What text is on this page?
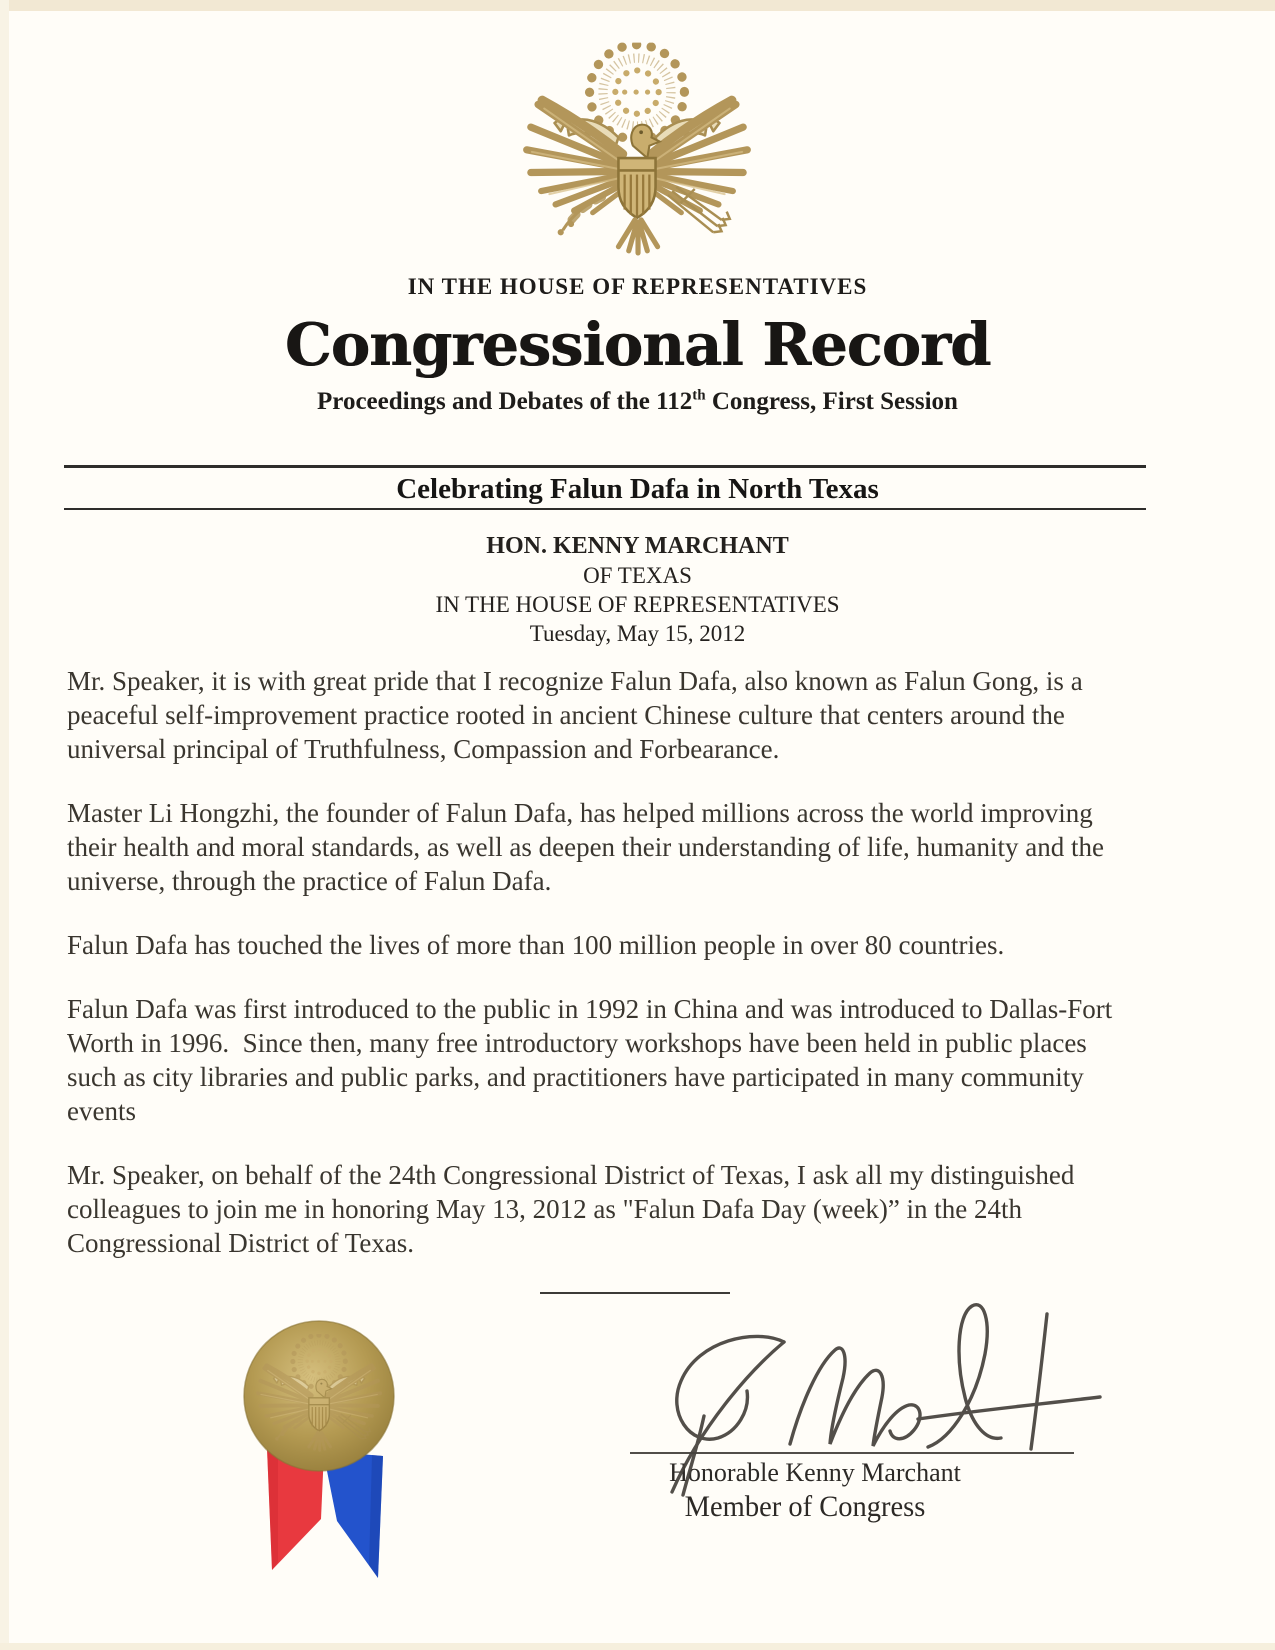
IN THE HOUSE OF REPRESENTATIVES
Congressional Record
Proceedings and Debates of the 112th Congress, First Session
Celebrating Falun Dafa in North Texas
HON. KENNY MARCHANT
OF TEXAS
IN THE HOUSE OF REPRESENTATIVES
Tuesday, May 15, 2012

Mr. Speaker, it is with great pride that I recognize Falun Dafa, also known as Falun Gong, is a peaceful self-improvement practice rooted in ancient Chinese culture that centers around the universal principal of Truthfulness, Compassion and Forbearance.

Master Li Hongzhi, the founder of Falun Dafa, has helped millions across the world improving their health and moral standards, as well as deepen their understanding of life, humanity and the universe, through the practice of Falun Dafa.

Falun Dafa has touched the lives of more than 100 million people in over 80 countries.

Falun Dafa was first introduced to the public in 1992 in China and was introduced to Dallas-Fort Worth in 1996.  Since then, many free introductory workshops have been held in public places such as city libraries and public parks, and practitioners have participated in many community events

Mr. Speaker, on behalf of the 24th Congressional District of Texas, I ask all my distinguished colleagues to join me in honoring May 13, 2012 as "Falun Dafa Day (week)” in the 24th Congressional District of Texas.

Honorable Kenny Marchant
Member of Congress
